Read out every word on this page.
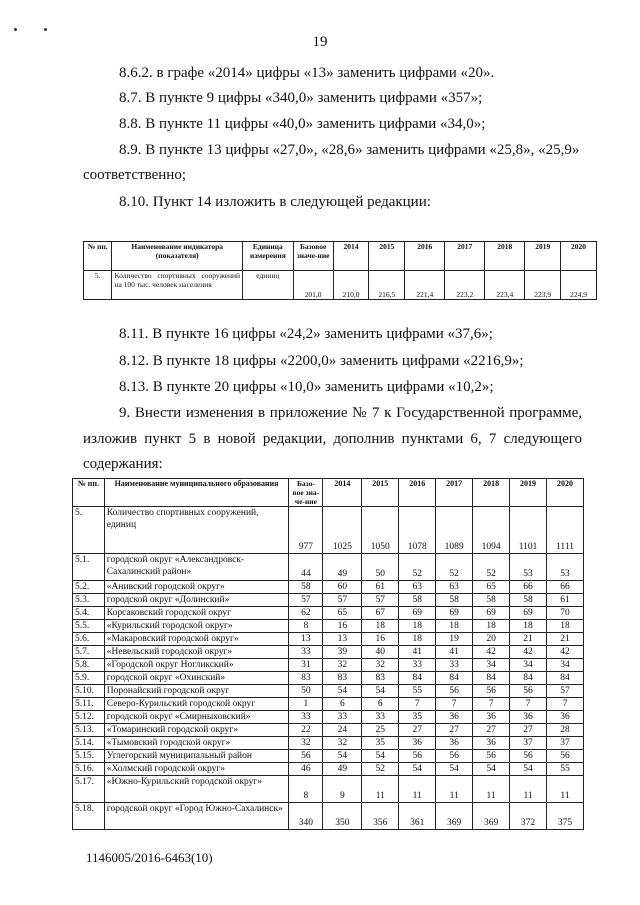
19
8.6.2. в графе «2014» цифры «13» заменить цифрами «20».
8.7. В пункте 9 цифры «340,0» заменить цифрами «357»;
8.8. В пункте 11 цифры «40,0» заменить цифрами «34,0»;
8.9. В пункте 13 цифры «27,0», «28,6» заменить цифрами «25,8», «25,9»
соответственно;
8.10. Пункт 14 изложить в следующей редакции:
№ пп.	Наименование индикатора (показателя)	Единица измерения	Базовое значе-ние	2014	2015	2016	2017	2018	2019	2020
5.	Количество спортивных сооружений на 100 тыс. человек населения	единиц	201,0	210,0	216,5	221,4	223,2	223,4	223,9	224,9
8.11. В пункте 16 цифры «24,2» заменить цифрами «37,6»;
8.12. В пункте 18 цифры «2200,0» заменить цифрами «2216,9»;
8.13. В пункте 20 цифры «10,0» заменить цифрами «10,2»;
9. Внести изменения в приложение № 7 к Государственной программе,
изложив пункт 5 в новой редакции, дополнив пунктами 6, 7 следующего
содержания:
№ пп.	Наименование муниципального образования	Базо-вое зна-че-ние	2014	2015	2016	2017	2018	2019	2020
5.	Количество спортивных сооружений, единиц	977	1025	1050	1078	1089	1094	1101	1111
5.1.	городской округ «Александровск-Сахалинский район»	44	49	50	52	52	52	53	53
5.2.	«Анивский городской округ»	58	60	61	63	63	65	66	66
5.3.	городской округ «Долинский»	57	57	57	58	58	58	58	61
5.4.	Корсаковский городской округ	62	65	67	69	69	69	69	70
5.5.	«Курильский городской округ»	8	16	18	18	18	18	18	18
5.6.	«Макаровский городской округ»	13	13	16	18	19	20	21	21
5.7.	«Невельский городской округ»	33	39	40	41	41	42	42	42
5.8.	«Городской округ Ногликский»	31	32	32	33	33	34	34	34
5.9.	городской округ «Охинский»	83	83	83	84	84	84	84	84
5.10.	Поронайский городской округ	50	54	54	55	56	56	56	57
5.11.	Северо-Курильский городской округ	1	6	6	7	7	7	7	7
5.12.	городской округ «Смирныховский»	33	33	33	35	36	36	36	36
5.13.	«Томаринский городской округ»	22	24	25	27	27	27	27	28
5.14.	«Тымовский городской округ»	32	32	35	36	36	36	37	37
5.15.	Углегорский муниципальный район	56	54	54	56	56	56	56	56
5.16.	«Холмский городской округ»	46	49	52	54	54	54	54	55
5.17.	«Южно-Курильский городской округ»	8	9	11	11	11	11	11	11
5.18.	городской округ «Город Южно-Сахалинск»	340	350	356	361	369	369	372	375
1146005/2016-6463(10)
